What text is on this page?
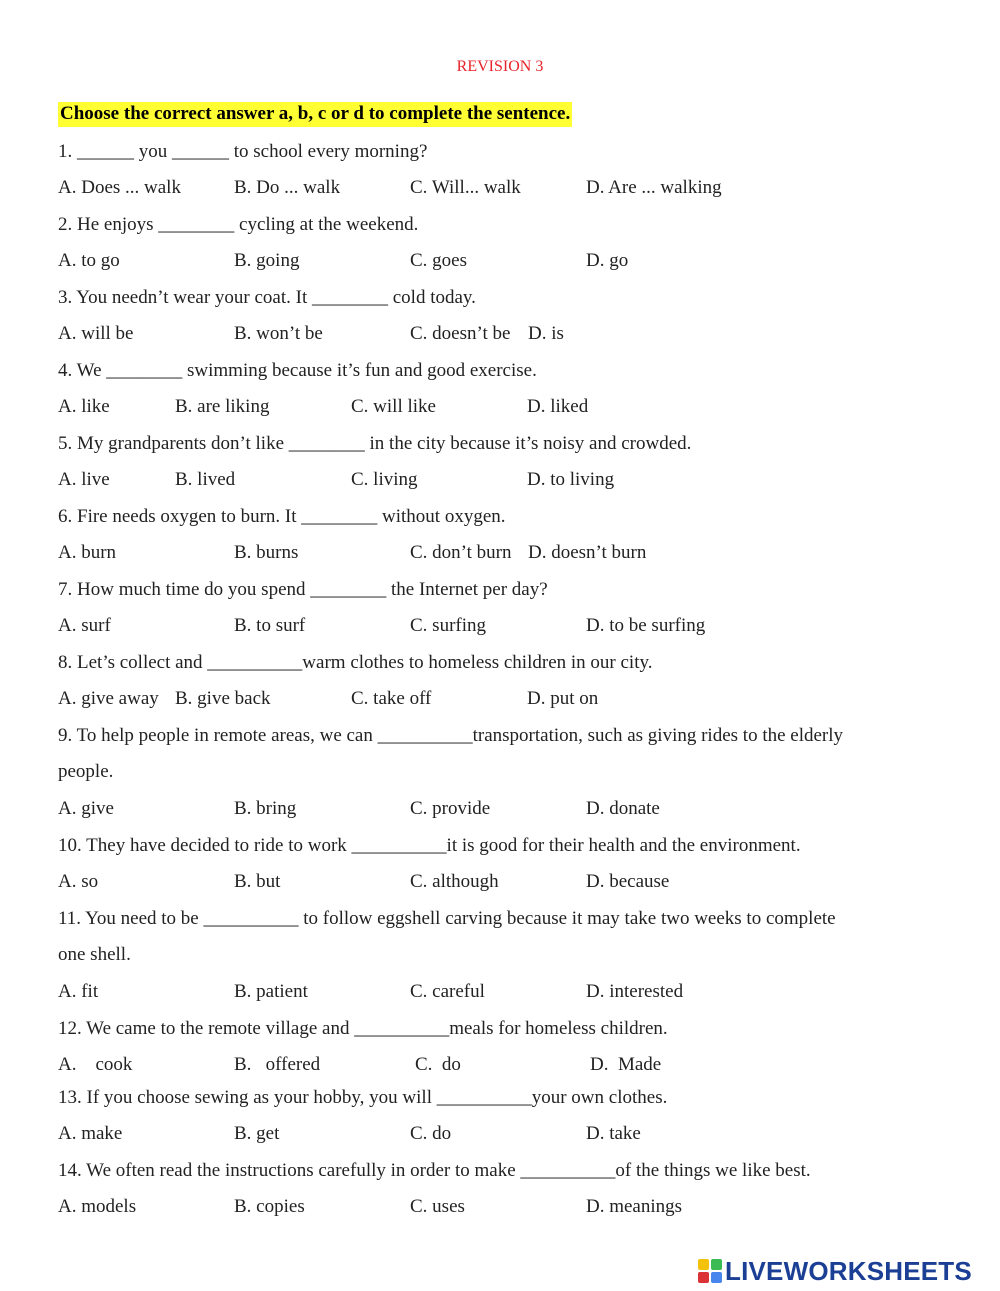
REVISION 3
Choose the correct answer a, b, c or d to complete the sentence.
1. ______ you ______ to school every morning?
A. Does ... walk	B. Do ... walk	C. Will... walk	D. Are ... walking
2. He enjoys ________ cycling at the weekend.
A. to go	B. going	C. goes	D. go
3. You needn’t wear your coat. It ________ cold today.
A. will be	B. won’t be	C. doesn’t be D. is
4. We ________ swimming because it’s fun and good exercise.
A. like	B. are liking	C. will like	D. liked
5. My grandparents don’t like ________ in the city because it’s noisy and crowded.
A. live	B. lived	C. living	D. to living
6. Fire needs oxygen to burn. It ________ without oxygen.
A. burn	B. burns	C. don’t burn D. doesn’t burn
7. How much time do you spend ________ the Internet per day?
A. surf	B. to surf	C. surfing	D. to be surfing
8. Let’s collect and __________warm clothes to homeless children in our city.
A. give away B. give back	C. take off	D. put on
9. To help people in remote areas, we can __________transportation, such as giving rides to the elderly
people.
A. give	B. bring	C. provide	D. donate
10. They have decided to ride to work __________it is good for their health and the environment.
A. so	B. but	C. although	D. because
11. You need to be __________ to follow eggshell carving because it may take two weeks to complete
one shell.
A. fit	B. patient	C. careful	D. interested
12. We came to the remote village and __________meals for homeless children.
A.    cook	B.   offered	C.  do	D.  Made
13. If you choose sewing as your hobby, you will __________your own clothes.
A. make	B. get	C. do	D. take
14. We often read the instructions carefully in order to make __________of the things we like best.
A. models	B. copies	C. uses	D. meanings
LIVEWORKSHEETS
